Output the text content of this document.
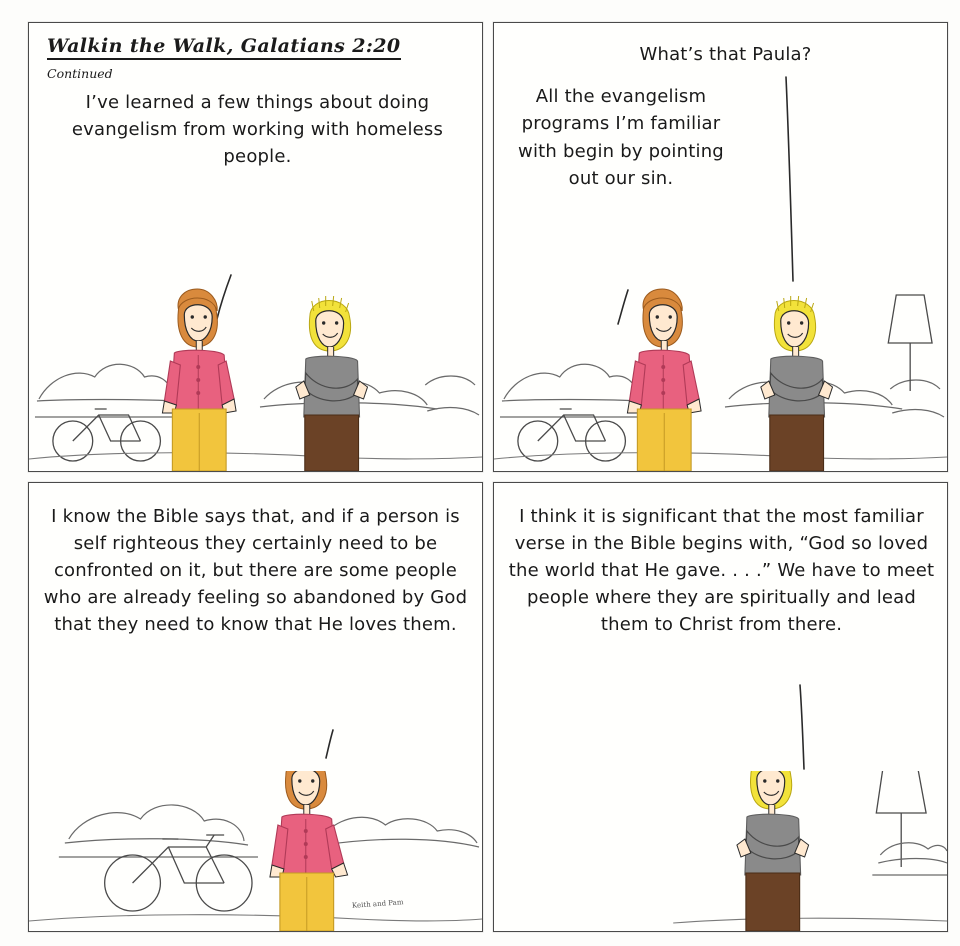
Walkin the Walk, Galatians 2:20
Continued
I’ve learned a few things about doing evangelism from working with homeless people.
What’s that Paula?
All the evangelism programs I’m familiar with begin by pointing out our sin.
I know the Bible says that, and if a person is self righteous they certainly need to be confronted on it, but there are some people who are already feeling so abandoned by God that they need to know that He loves them.
Keith and Pam
I think it is significant that the most familiar verse in the Bible begins with, “God so loved the world that He gave. . . .” We have to meet people where they are spiritually and lead them to Christ from there.
